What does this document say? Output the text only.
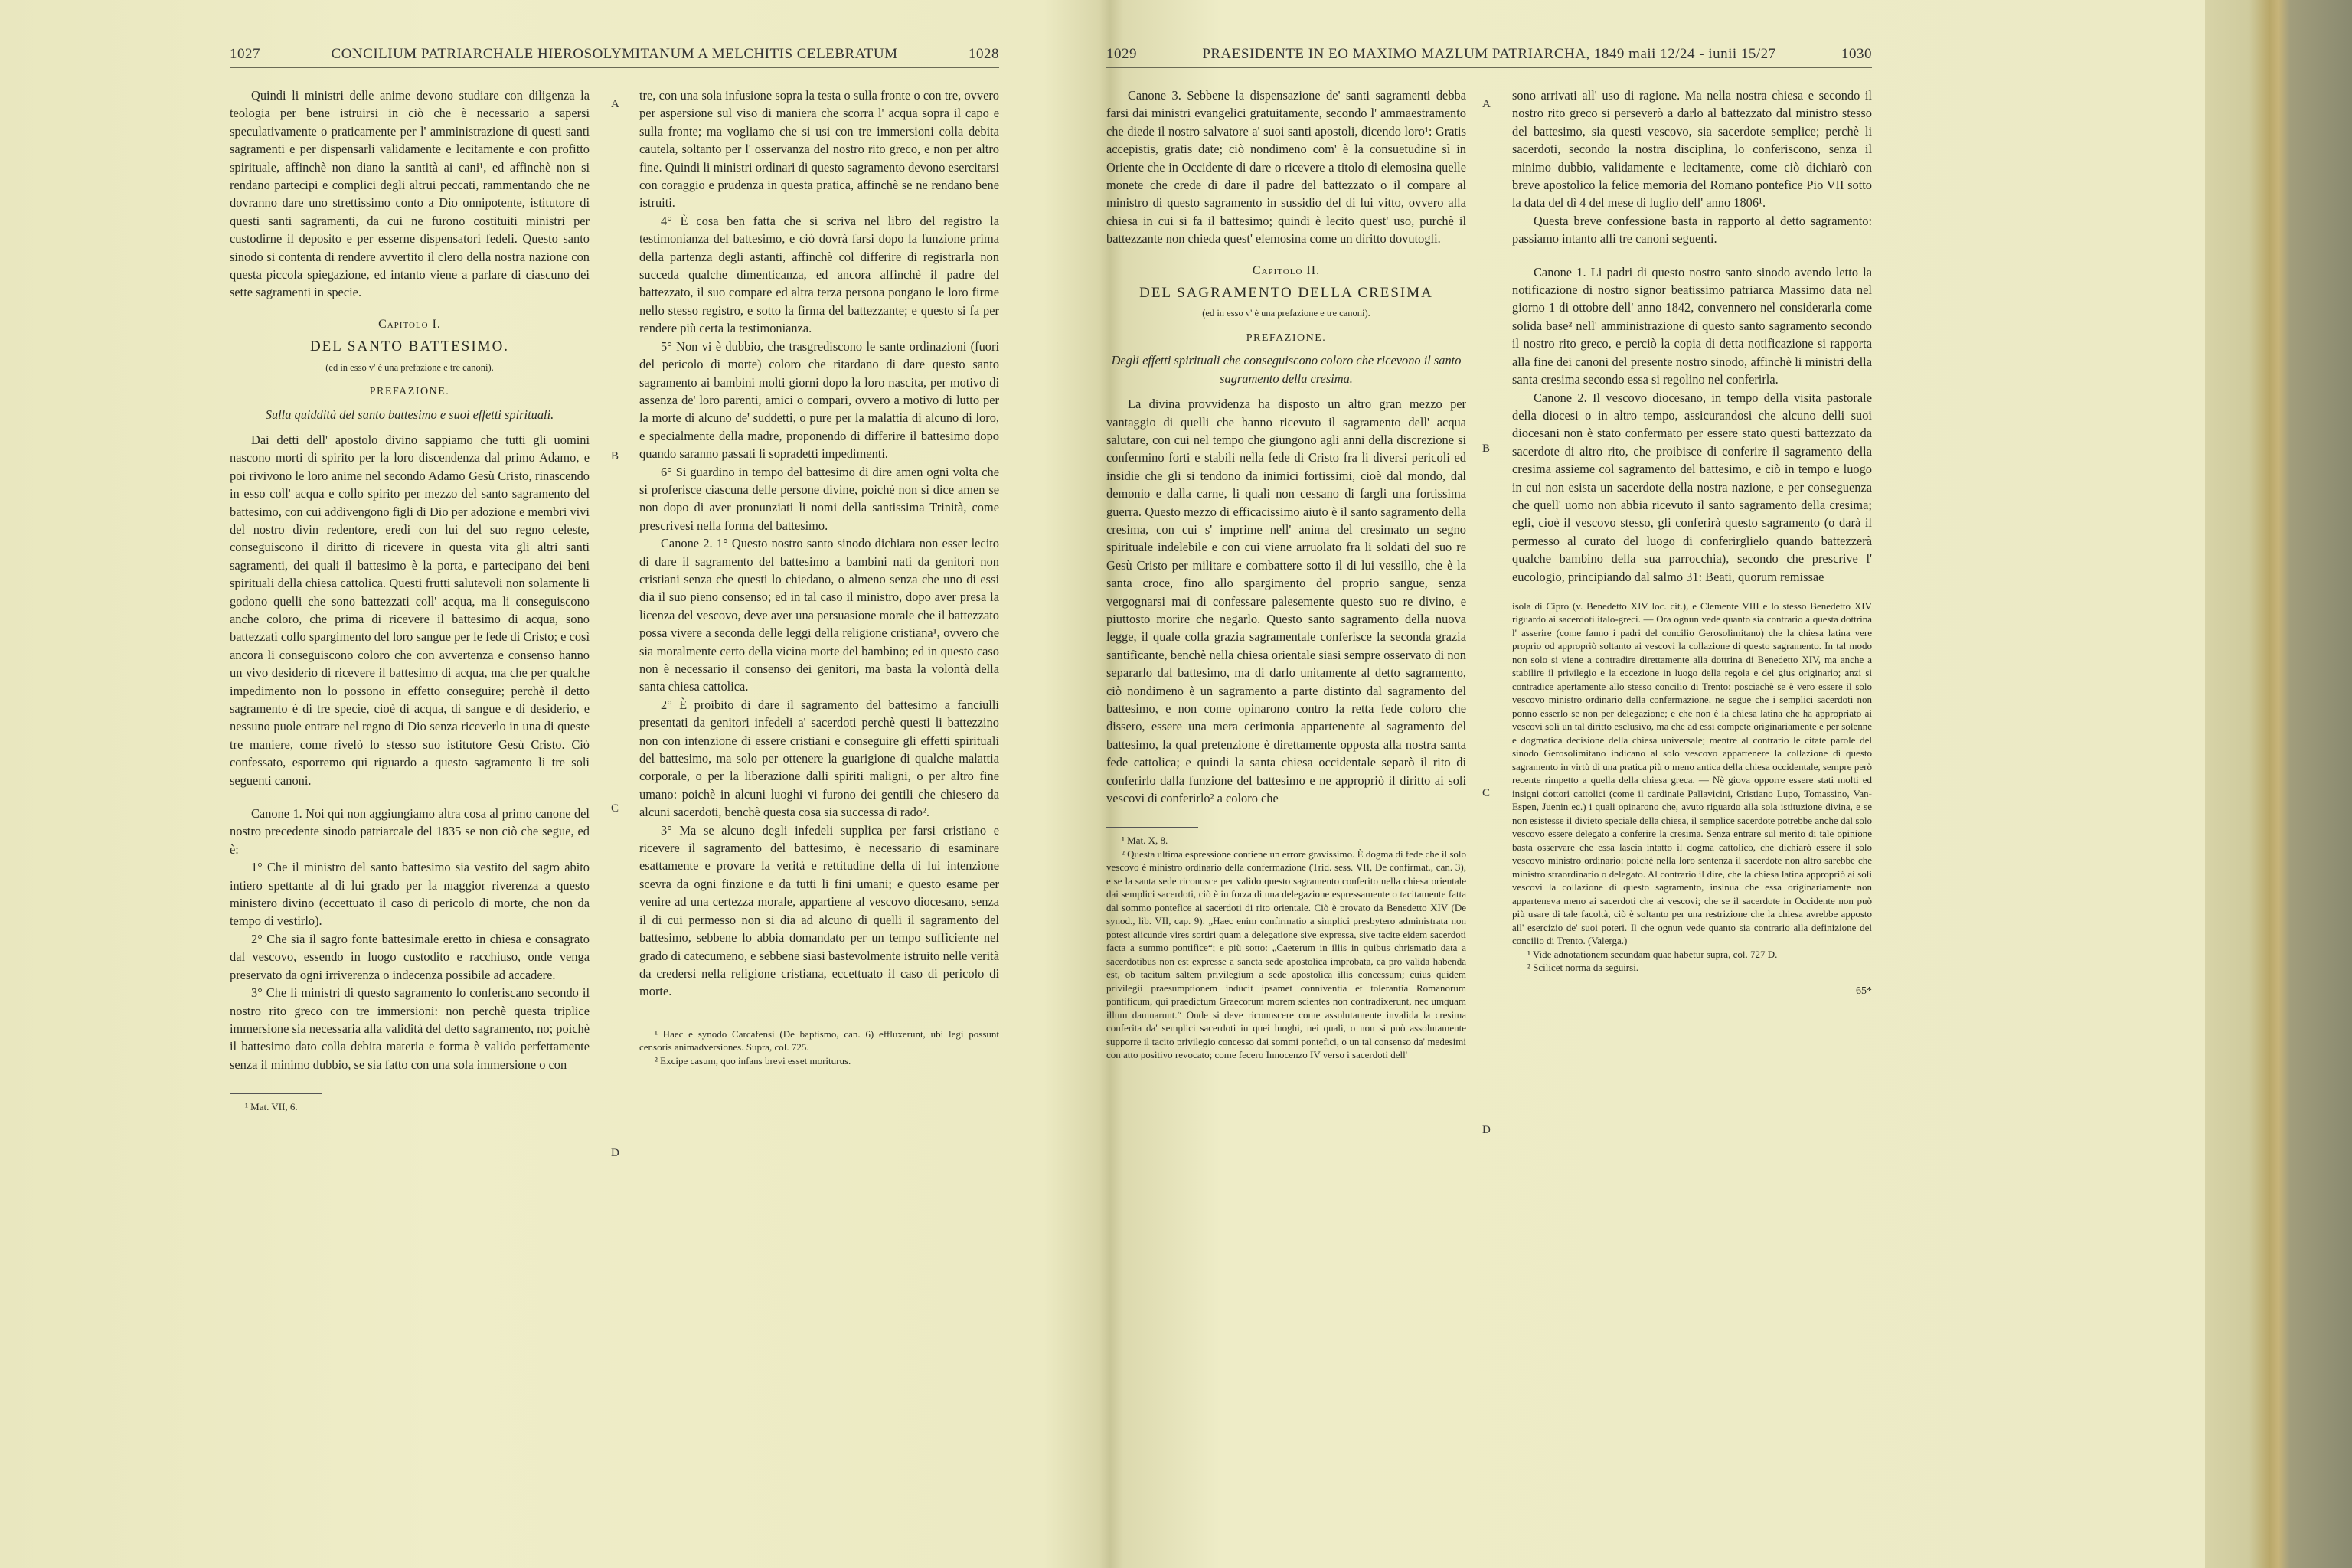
1027	CONCILIUM PATRIARCHALE HIEROSOLYMITANUM A MELCHITIS CELEBRATUM	1028

Quindi li ministri delle anime devono studiare con diligenza la teologia per bene istruirsi in ciò che è necessario a sapersi speculativamente o praticamente per l' amministrazione di questi santi sagramenti e per dispensarli validamente e lecitamente e con profitto spirituale, affinchè non diano la santità ai cani¹, ed affinchè non si rendano partecipi e complici degli altrui peccati, rammentando che ne dovranno dare uno strettissimo conto a Dio onnipotente, istitutore di questi santi sagramenti, da cui ne furono costituiti ministri per custodirne il deposito e per esserne dispensatori fedeli. Questo santo sinodo si contenta di rendere avvertito il clero della nostra nazione con questa piccola spiegazione, ed intanto viene a parlare di ciascuno dei sette sagramenti in specie.

Capitolo I.
DEL SANTO BATTESIMO.
(ed in esso v' è una prefazione e tre canoni).
PREFAZIONE.
Sulla quiddità del santo battesimo e suoi effetti spirituali.

Dai detti dell' apostolo divino sappiamo che tutti gli uomini nascono morti di spirito per la loro discendenza dal primo Adamo, e poi rivivono le loro anime nel secondo Adamo Gesù Cristo, rinascendo in esso coll' acqua e collo spirito per mezzo del santo sagramento del battesimo, con cui addivengono figli di Dio per adozione e membri vivi del nostro divin redentore, eredi con lui del suo regno celeste, conseguiscono il diritto di ricevere in questa vita gli altri santi sagramenti, dei quali il battesimo è la porta, e partecipano dei beni spirituali della chiesa cattolica. Questi frutti salutevoli non solamente li godono quelli che sono battezzati coll' acqua, ma li conseguiscono anche coloro, che prima di ricevere il battesimo di acqua, sono battezzati collo spargimento del loro sangue per le fede di Cristo; e così ancora li conseguiscono coloro che con avvertenza e consenso hanno un vivo desiderio di ricevere il battesimo di acqua, ma che per qualche impedimento non lo possono in effetto conseguire; perchè il detto sagramento è di tre specie, cioè di acqua, di sangue e di desiderio, e nessuno puole entrare nel regno di Dio senza riceverlo in una di queste tre maniere, come rivelò lo stesso suo istitutore Gesù Cristo. Ciò confessato, esporremo qui riguardo a questo sagramento li tre soli seguenti canoni.

Canone 1. Noi qui non aggiungiamo altra cosa al primo canone del nostro precedente sinodo patriarcale del 1835 se non ciò che segue, ed è:

1° Che il ministro del santo battesimo sia vestito del sagro abito intiero spettante al di lui grado per la maggior riverenza a questo ministero divino (eccettuato il caso di pericolo di morte, che non da tempo di vestirlo).

2° Che sia il sagro fonte battesimale eretto in chiesa e consagrato dal vescovo, essendo in luogo custodito e racchiuso, onde venga preservato da ogni irriverenza o indecenza possibile ad accadere.

3° Che li ministri di questo sagramento lo conferiscano secondo il nostro rito greco con tre immersioni: non perchè questa triplice immersione sia necessaria alla validità del detto sagramento, no; poichè il battesimo dato colla debita materia e forma è valido perfettamente senza il minimo dubbio, se sia fatto con una sola immersione o con

¹ Mat. VII, 6.

tre, con una sola infusione sopra la testa o sulla fronte o con tre, ovvero per aspersione sul viso di maniera che scorra l' acqua sopra il capo e sulla fronte; ma vogliamo che si usi con tre immersioni colla debita cautela, soltanto per l' osservanza del nostro rito greco, e non per altro fine. Quindi li ministri ordinari di questo sagramento devono esercitarsi con coraggio e prudenza in questa pratica, affinchè se ne rendano bene istruiti.

4° È cosa ben fatta che si scriva nel libro del registro la testimonianza del battesimo, e ciò dovrà farsi dopo la funzione prima della partenza degli astanti, affinchè col differire di registrarla non succeda qualche dimenticanza, ed ancora affinchè il padre del battezzato, il suo compare ed altra terza persona pongano le loro firme nello stesso registro, e sotto la firma del battezzante; e questo si fa per rendere più certa la testimonianza.

5° Non vi è dubbio, che trasgrediscono le sante ordinazioni (fuori del pericolo di morte) coloro che ritardano di dare questo santo sagramento ai bambini molti giorni dopo la loro nascita, per motivo di assenza de' loro parenti, amici o compari, ovvero a motivo di lutto per la morte di alcuno de' suddetti, o pure per la malattia di alcuno di loro, e specialmente della madre, proponendo di differire il battesimo dopo quando saranno passati li sopradetti impedimenti.

6° Si guardino in tempo del battesimo di dire amen ogni volta che si proferisce ciascuna delle persone divine, poichè non si dice amen se non dopo di aver pronunziati li nomi della santissima Trinità, come prescrivesi nella forma del battesimo.

Canone 2. 1° Questo nostro santo sinodo dichiara non esser lecito di dare il sagramento del battesimo a bambini nati da genitori non cristiani senza che questi lo chiedano, o almeno senza che uno di essi dia il suo pieno consenso; ed in tal caso il ministro, dopo aver presa la licenza del vescovo, deve aver una persuasione morale che il battezzato possa vivere a seconda delle leggi della religione cristiana¹, ovvero che sia moralmente certo della vicina morte del bambino; ed in questo caso non è necessario il consenso dei genitori, ma basta la volontà della santa chiesa cattolica.

2° È proibito di dare il sagramento del battesimo a fanciulli presentati da genitori infedeli a' sacerdoti perchè questi li battezzino non con intenzione di essere cristiani e conseguire gli effetti spirituali del battesimo, ma solo per ottenere la guarigione di qualche malattia corporale, o per la liberazione dalli spiriti maligni, o per altro fine umano: poichè in alcuni luoghi vi furono dei gentili che chiesero da alcuni sacerdoti, benchè questa cosa sia successa di rado².

3° Ma se alcuno degli infedeli supplica per farsi cristiano e ricevere il sagramento del battesimo, è necessario di esaminare esattamente e provare la verità e rettitudine della di lui intenzione scevra da ogni finzione e da tutti li fini umani; e questo esame per venire ad una certezza morale, appartiene al vescovo diocesano, senza il di cui permesso non si dia ad alcuno di quelli il sagramento del battesimo, sebbene lo abbia domandato per un tempo sufficiente nel grado di catecumeno, e sebbene siasi bastevolmente istruito nelle verità da credersi nella religione cristiana, eccettuato il caso di pericolo di morte.

¹ Haec e synodo Carcafensi (De baptismo, can. 6) effluxerunt, ubi legi possunt censoris animadversiones. Supra, col. 725.

² Excipe casum, quo infans brevi esset moriturus.

A
B
C
D
1029	PRAESIDENTE IN EO MAXIMO MAZLUM PATRIARCHA, 1849 maii 12/24 - iunii 15/27	1030

Canone 3. Sebbene la dispensazione de' santi sagramenti debba farsi dai ministri evangelici gratuitamente, secondo l' ammaestramento che diede il nostro salvatore a' suoi santi apostoli, dicendo loro¹: Gratis accepistis, gratis date; ciò nondimeno com' è la consuetudine sì in Oriente che in Occidente di dare o ricevere a titolo di elemosina quelle monete che crede di dare il padre del battezzato o il compare al ministro di questo sagramento in sussidio del di lui vitto, ovvero alla chiesa in cui si fa il battesimo; quindi è lecito quest' uso, purchè il battezzante non chieda quest' elemosina come un diritto dovutogli.

Capitolo II.
DEL SAGRAMENTO DELLA CRESIMA
(ed in esso v' è una prefazione e tre canoni).
PREFAZIONE.
Degli effetti spirituali che conseguiscono coloro che ricevono il santo sagramento della cresima.

La divina provvidenza ha disposto un altro gran mezzo per vantaggio di quelli che hanno ricevuto il sagramento dell' acqua salutare, con cui nel tempo che giungono agli anni della discrezione si confermino forti e stabili nella fede di Cristo fra li diversi pericoli ed insidie che gli si tendono da inimici fortissimi, cioè dal mondo, dal demonio e dalla carne, li quali non cessano di fargli una fortissima guerra. Questo mezzo di efficacissimo aiuto è il santo sagramento della cresima, con cui s' imprime nell' anima del cresimato un segno spirituale indelebile e con cui viene arruolato fra li soldati del suo re Gesù Cristo per militare e combattere sotto il di lui vessillo, che è la santa croce, fino allo spargimento del proprio sangue, senza vergognarsi mai di confessare palesemente questo suo re divino, e piuttosto morire che negarlo. Questo santo sagramento della nuova legge, il quale colla grazia sagramentale conferisce la seconda grazia santificante, benchè nella chiesa orientale siasi sempre osservato di non separarlo dal battesimo, ma di darlo unitamente al detto sagramento, ciò nondimeno è un sagramento a parte distinto dal sagramento del battesimo, e non come opinarono contro la retta fede coloro che dissero, essere una mera cerimonia appartenente al sagramento del battesimo, la qual pretenzione è direttamente opposta alla nostra santa fede cattolica; e quindi la santa chiesa occidentale separò il rito di conferirlo dalla funzione del battesimo e ne appropriò il diritto ai soli vescovi di conferirlo² a coloro che

¹ Mat. X, 8.

² Questa ultima espressione contiene un errore gravissimo. È dogma di fede che il solo vescovo è ministro ordinario della confermazione (Trid. sess. VII, De confirmat., can. 3), e se la santa sede riconosce per valido questo sagramento conferito nella chiesa orientale dai semplici sacerdoti, ciò è in forza di una delegazione espressamente o tacitamente fatta dal sommo pontefice ai sacerdoti di rito orientale. Ciò è provato da Benedetto XIV (De synod., lib. VII, cap. 9). „Haec enim confirmatio a simplici presbytero administrata non potest alicunde vires sortiri quam a delegatione sive expressa, sive tacite eidem sacerdoti facta a summo pontifice“; e più sotto: „Caeterum in illis in quibus chrismatio data a sacerdotibus non est expresse a sancta sede apostolica improbata, ea pro valida habenda est, ob tacitum saltem privilegium a sede apostolica illis concessum; cuius quidem privilegii praesumptionem inducit ipsamet conniventia et tolerantia Romanorum pontificum, qui praedictum Graecorum morem scientes non contradixerunt, nec umquam illum damnarunt.“ Onde si deve riconoscere come assolutamente invalida la cresima conferita da' semplici sacerdoti in quei luoghi, nei quali, o non si può assolutamente supporre il tacito privilegio concesso dai sommi pontefici, o un tal consenso da' medesimi con atto positivo revocato; come fecero Innocenzo IV verso i sacerdoti dell'

sono arrivati all' uso di ragione. Ma nella nostra chiesa e secondo il nostro rito greco si perseverò a darlo al battezzato dal ministro stesso del battesimo, sia questi vescovo, sia sacerdote semplice; perchè li sacerdoti, secondo la nostra disciplina, lo conferiscono, senza il minimo dubbio, validamente e lecitamente, come ciò dichiarò con breve apostolico la felice memoria del Romano pontefice Pio VII sotto la data del dì 4 del mese di luglio dell' anno 1806¹.

Questa breve confessione basta in rapporto al detto sagramento: passiamo intanto alli tre canoni seguenti.

Canone 1. Li padri di questo nostro santo sinodo avendo letto la notificazione di nostro signor beatissimo patriarca Massimo data nel giorno 1 di ottobre dell' anno 1842, convennero nel considerarla come solida base² nell' amministrazione di questo santo sagramento secondo il nostro rito greco, e perciò la copia di detta notificazione si rapporta alla fine dei canoni del presente nostro sinodo, affinchè li ministri della santa cresima secondo essa si regolino nel conferirla.

Canone 2. Il vescovo diocesano, in tempo della visita pastorale della diocesi o in altro tempo, assicurandosi che alcuno delli suoi diocesani non è stato confermato per essere stato questi battezzato da sacerdote di altro rito, che proibisce di conferire il sagramento della cresima assieme col sagramento del battesimo, e ciò in tempo e luogo in cui non esista un sacerdote della nostra nazione, e per conseguenza che quell' uomo non abbia ricevuto il santo sagramento della cresima; egli, cioè il vescovo stesso, gli conferirà questo sagramento (o darà il permesso al curato del luogo di conferirglielo quando battezzerà qualche bambino della sua parrocchia), secondo che prescrive l' eucologio, principiando dal salmo 31: Beati, quorum remissae

isola di Cipro (v. Benedetto XIV loc. cit.), e Clemente VIII e lo stesso Benedetto XIV riguardo ai sacerdoti italo-greci. — Ora ognun vede quanto sia contrario a questa dottrina l' asserire (come fanno i padri del concilio Gerosolimitano) che la chiesa latina vere proprio od appropriò soltanto ai vescovi la collazione di questo sagramento. In tal modo non solo si viene a contradire direttamente alla dottrina di Benedetto XIV, ma anche a stabilire il privilegio e la eccezione in luogo della regola e del gius originario; anzi si contradice apertamente allo stesso concilio di Trento: posciachè se è vero essere il solo vescovo ministro ordinario della confermazione, ne segue che i semplici sacerdoti non ponno esserlo se non per delegazione; e che non è la chiesa latina che ha appropriato ai vescovi soli un tal diritto esclusivo, ma che ad essi compete originariamente e per solenne e dogmatica decisione della chiesa universale; mentre al contrario le citate parole del sinodo Gerosolimitano indicano al solo vescovo appartenere la collazione di questo sagramento in virtù di una pratica più o meno antica della chiesa occidentale, sempre però recente rimpetto a quella della chiesa greca. — Nè giova opporre essere stati molti ed insigni dottori cattolici (come il cardinale Pallavicini, Cristiano Lupo, Tomassino, Van-Espen, Juenin ec.) i quali opinarono che, avuto riguardo alla sola istituzione divina, e se non esistesse il divieto speciale della chiesa, il semplice sacerdote potrebbe anche dal solo vescovo essere delegato a conferire la cresima. Senza entrare sul merito di tale opinione basta osservare che essa lascia intatto il dogma cattolico, che dichiarò essere il solo vescovo ministro ordinario: poichè nella loro sentenza il sacerdote non altro sarebbe che ministro straordinario o delegato. Al contrario il dire, che la chiesa latina appropriò ai soli vescovi la collazione di questo sagramento, insinua che essa originariamente non apparteneva meno ai sacerdoti che ai vescovi; che se il sacerdote in Occidente non può più usare di tale facoltà, ciò è soltanto per una restrizione che la chiesa avrebbe apposto all' esercizio de' suoi poteri. Il che ognun vede quanto sia contrario alla definizione del concilio di Trento. (Valerga.)

¹ Vide adnotationem secundam quae habetur supra, col. 727 D.

² Scilicet norma da seguirsi.

65*
A
B
C
D
